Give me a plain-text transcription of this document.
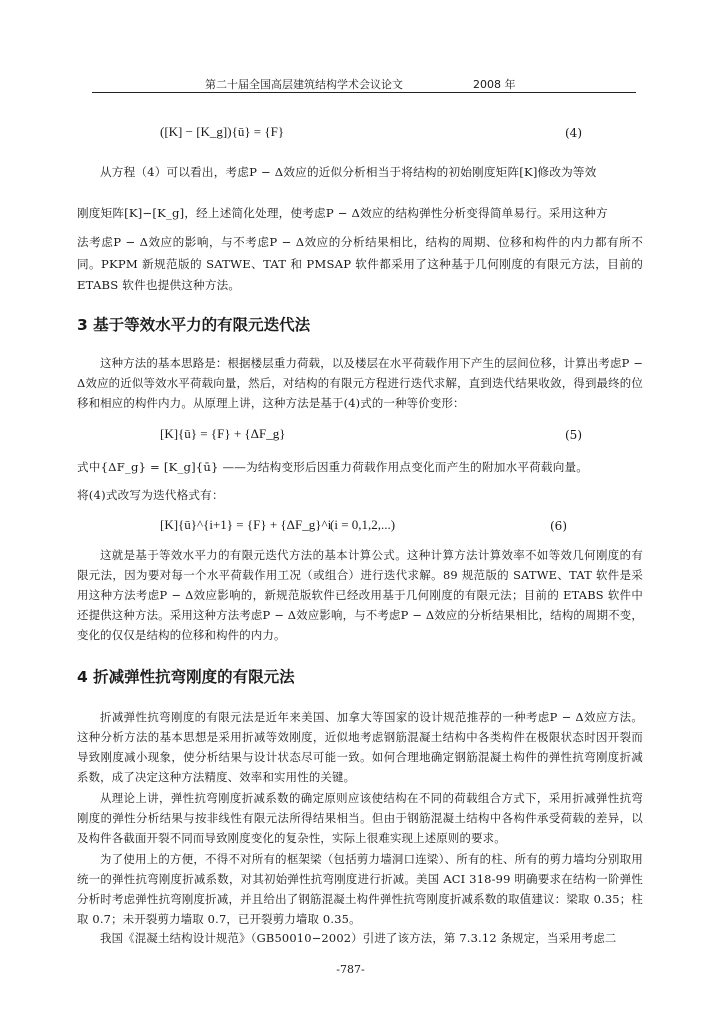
第二十届全国高层建筑结构学术会议论文	2008 年
([K] − [K_g]){ū} = {F}	(4)
从方程（4）可以看出，考虑P − Δ效应的近似分析相当于将结构的初始刚度矩阵[K]修改为等效
刚度矩阵[K]−[K_g]，经上述简化处理，使考虑P − Δ效应的结构弹性分析变得简单易行。采用这种方
法考虑P − Δ效应的影响，与不考虑P − Δ效应的分析结果相比，结构的周期、位移和构件的内力都有所不同。PKPM 新规范版的 SATWE、TAT 和 PMSAP 软件都采用了这种基于几何刚度的有限元方法，目前的 ETABS 软件也提供这种方法。
3 基于等效水平力的有限元迭代法
这种方法的基本思路是：根据楼层重力荷载，以及楼层在水平荷载作用下产生的层间位移，计算出考虑P − Δ效应的近似等效水平荷载向量，然后，对结构的有限元方程进行迭代求解，直到迭代结果收敛，得到最终的位移和相应的构件内力。从原理上讲，这种方法是基于(4)式的一种等价变形：
[K]{ū} = {F} + {ΔF_g}	(5)
式中{ΔF_g} = [K_g]{ū} ——为结构变形后因重力荷载作用点变化而产生的附加水平荷载向量。
将(4)式改写为迭代格式有：
[K]{ū}^{i+1} = {F} + {ΔF_g}^i
(i = 0,1,2,...)	(6)
这就是基于等效水平力的有限元迭代方法的基本计算公式。这种计算方法计算效率不如等效几何刚度的有限元法，因为要对每一个水平荷载作用工况（或组合）进行迭代求解。89 规范版的 SATWE、TAT 软件是采用这种方法考虑P − Δ效应影响的，新规范版软件已经改用基于几何刚度的有限元法；目前的 ETABS 软件中还提供这种方法。采用这种方法考虑P − Δ效应影响，与不考虑P − Δ效应的分析结果相比，结构的周期不变，变化的仅仅是结构的位移和构件的内力。
4 折减弹性抗弯刚度的有限元法
折减弹性抗弯刚度的有限元法是近年来美国、加拿大等国家的设计规范推荐的一种考虑P − Δ效应方法。这种分析方法的基本思想是采用折减等效刚度，近似地考虑钢筋混凝土结构中各类构件在极限状态时因开裂而导致刚度减小现象，使分析结果与设计状态尽可能一致。如何合理地确定钢筋混凝土构件的弹性抗弯刚度折减系数，成了决定这种方法精度、效率和实用性的关键。
从理论上讲，弹性抗弯刚度折减系数的确定原则应该使结构在不同的荷载组合方式下，采用折减弹性抗弯刚度的弹性分析结果与按非线性有限元法所得结果相当。但由于钢筋混凝土结构中各构件承受荷载的差异，以及构件各截面开裂不同而导致刚度变化的复杂性，实际上很难实现上述原则的要求。
为了使用上的方便，不得不对所有的框架梁（包括剪力墙洞口连梁）、所有的柱、所有的剪力墙均分别取用统一的弹性抗弯刚度折减系数，对其初始弹性抗弯刚度进行折减。美国 ACI 318-99 明确要求在结构一阶弹性分析时考虑弹性抗弯刚度折减，并且给出了钢筋混凝土构件弹性抗弯刚度折减系数的取值建议：梁取 0.35；柱取 0.7；未开裂剪力墙取 0.7，已开裂剪力墙取 0.35。
我国《混凝土结构设计规范》（GB50010−2002）引进了该方法，第 7.3.12 条规定，当采用考虑二
-787-
